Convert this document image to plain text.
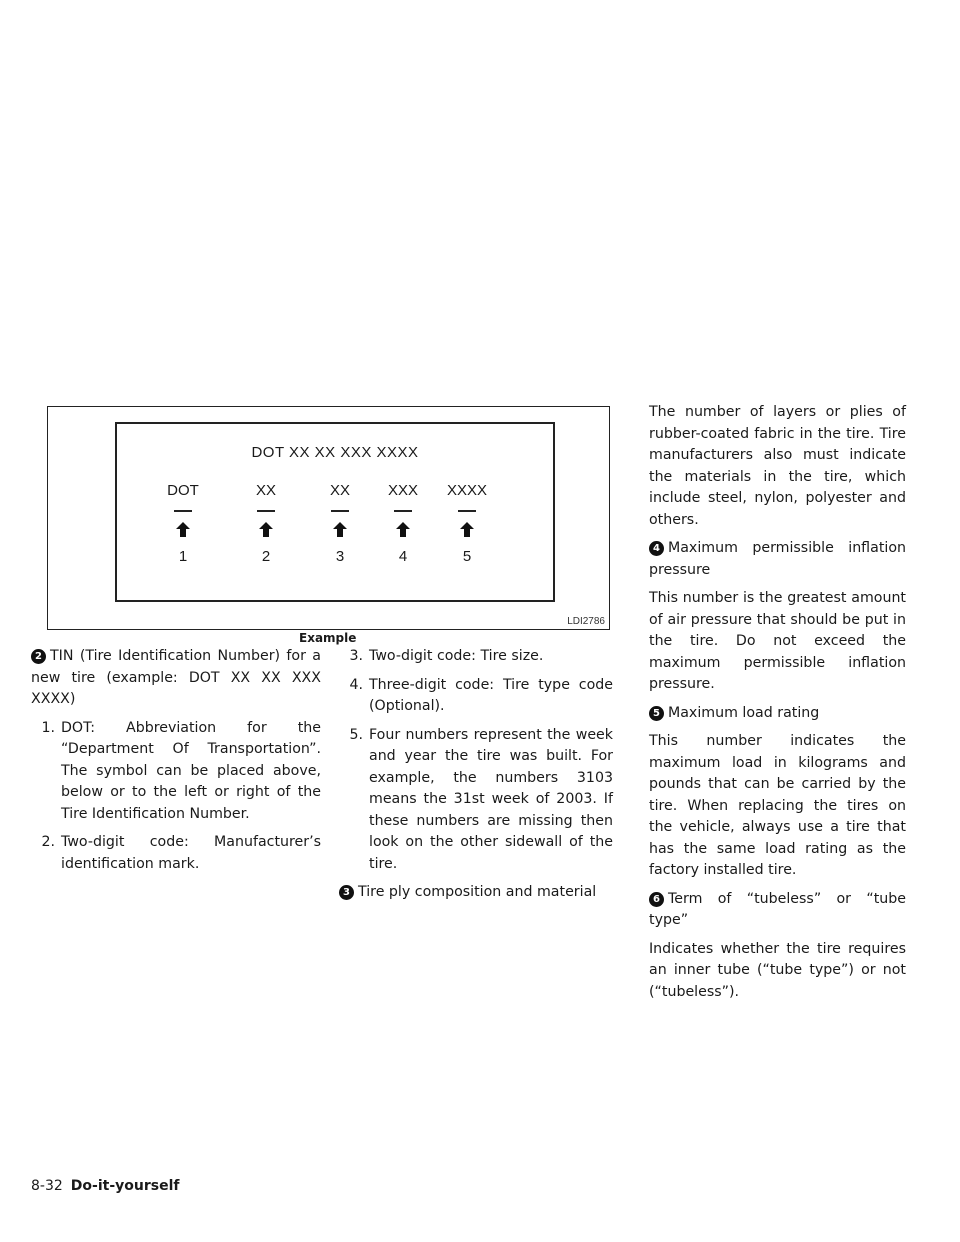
DOT XX XX XXX XXXX
DOT
1
XX
2
XX
3
XXX
4
XXXX
5
LDI2786
Example

2 TIN (Tire Identification Number) for a new tire (example: DOT XX XX XXX XXXX)

1. DOT: Abbreviation for the “Department Of Transportation”. The symbol can be placed above, below or to the left or right of the Tire Identification Number.
2. Two-digit code: Manufacturer’s identification mark.
3. Two-digit code: Tire size.
4. Three-digit code: Tire type code (Optional).
5. Four numbers represent the week and year the tire was built. For example, the numbers 3103 means the 31st week of 2003. If these numbers are missing then look on the other sidewall of the tire.

3 Tire ply composition and material

The number of layers or plies of rubber-coated fabric in the tire. Tire manufacturers also must indicate the materials in the tire, which include steel, nylon, polyester and others.

4 Maximum permissible inflation pressure

This number is the greatest amount of air pressure that should be put in the tire. Do not exceed the maximum permissible inflation pressure.

5 Maximum load rating

This number indicates the maximum load in kilograms and pounds that can be carried by the tire. When replacing the tires on the vehicle, always use a tire that has the same load rating as the factory installed tire.

6 Term of “tubeless” or “tube type”

Indicates whether the tire requires an inner tube (“tube type”) or not (“tubeless”).

8-32 Do-it-yourself
